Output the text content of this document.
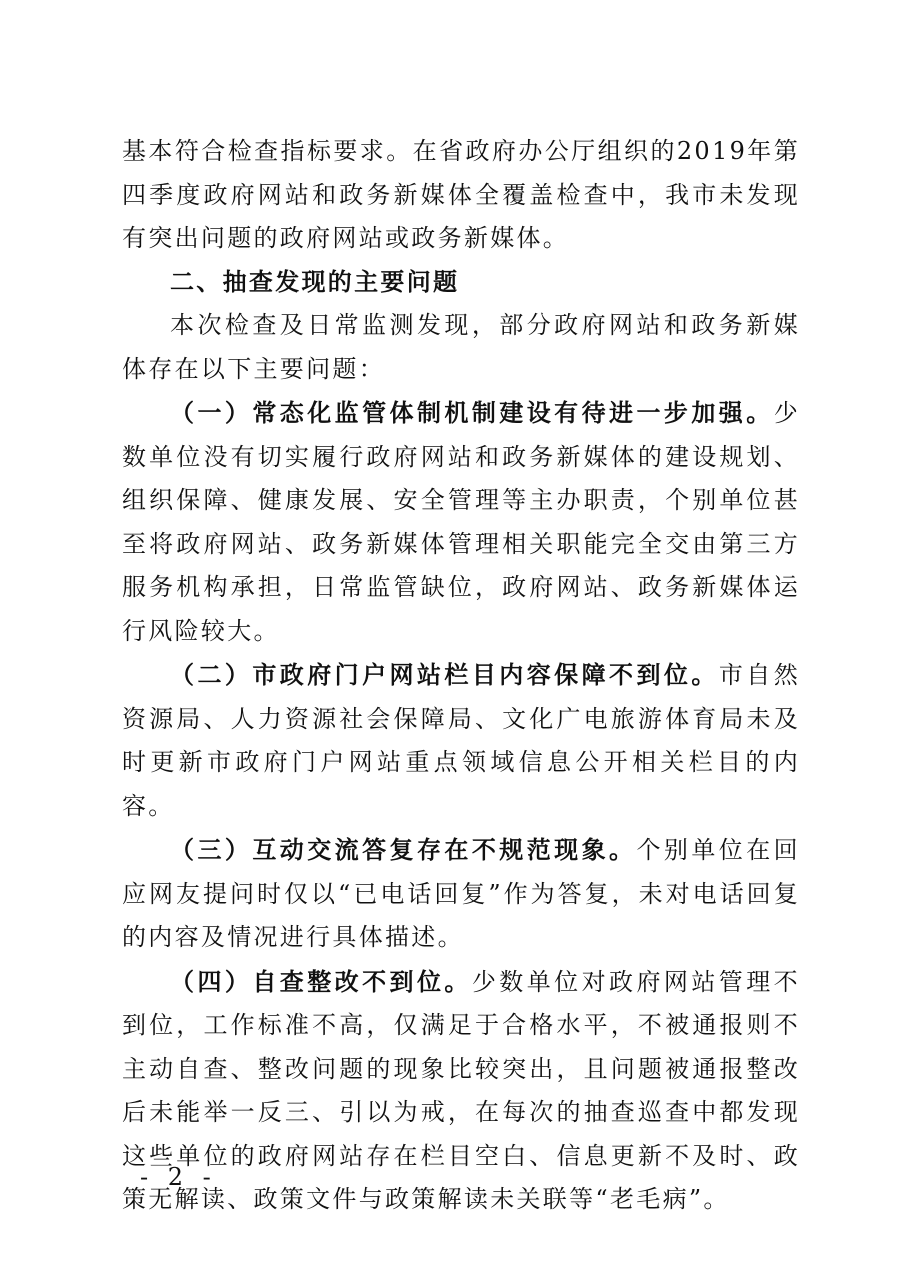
基本符合检查指标要求。在省政府办公厅组织的2019年第四季度政府网站和政务新媒体全覆盖检查中，我市未发现有突出问题的政府网站或政务新媒体。

二、抽查发现的主要问题

本次检查及日常监测发现，部分政府网站和政务新媒体存在以下主要问题：

（一）常态化监管体制机制建设有待进一步加强。少数单位没有切实履行政府网站和政务新媒体的建设规划、组织保障、健康发展、安全管理等主办职责，个别单位甚至将政府网站、政务新媒体管理相关职能完全交由第三方服务机构承担，日常监管缺位，政府网站、政务新媒体运行风险较大。

（二）市政府门户网站栏目内容保障不到位。市自然资源局、人力资源社会保障局、文化广电旅游体育局未及时更新市政府门户网站重点领域信息公开相关栏目的内容。

（三）互动交流答复存在不规范现象。个别单位在回应网友提问时仅以“已电话回复”作为答复，未对电话回复的内容及情况进行具体描述。

（四）自查整改不到位。少数单位对政府网站管理不到位，工作标准不高，仅满足于合格水平，不被通报则不主动自查、整改问题的现象比较突出，且问题被通报整改后未能举一反三、引以为戒，在每次的抽查巡查中都发现这些单位的政府网站存在栏目空白、信息更新不及时、政策无解读、政策文件与政策解读未关联等“老毛病”。

- 2 -
